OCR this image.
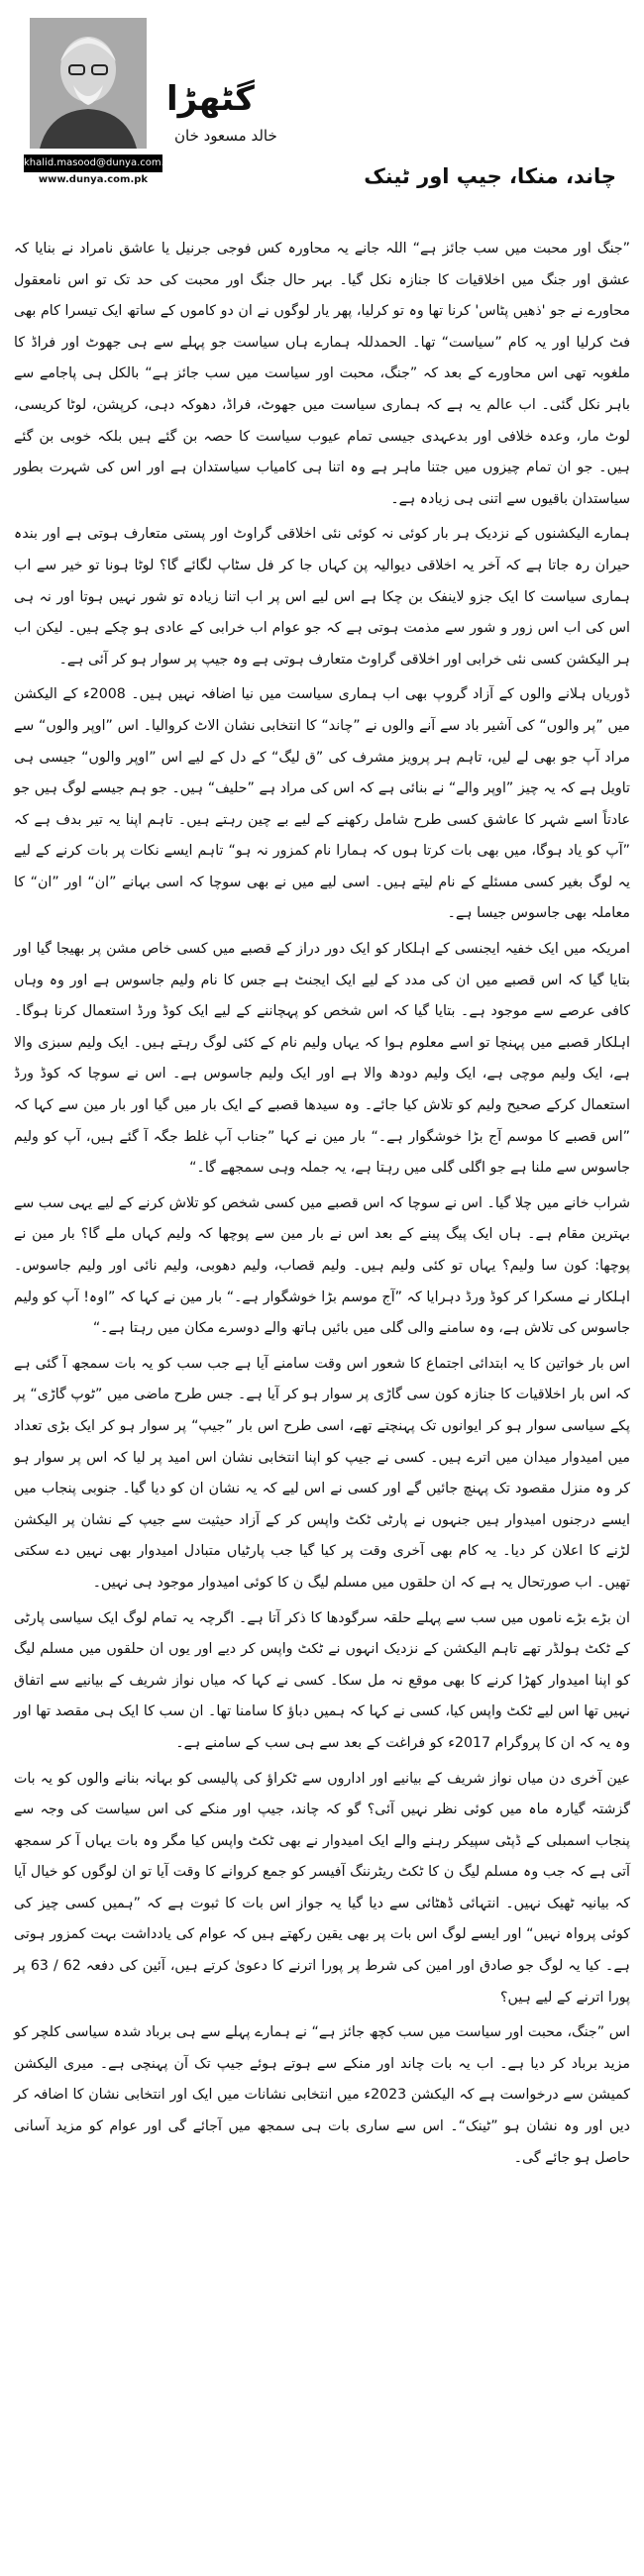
khalid.masood@dunya.com.pk
www.dunya.com.pk
گٹھڑا
خالد مسعود خان
چاند، منکا، جیپ اور ٹینک

”جنگ اور محبت میں سب جائز ہے“ اللہ جانے یہ محاورہ کس فوجی جرنیل یا عاشق نامراد نے بنایا کہ عشق اور جنگ میں اخلاقیات کا جنازہ نکل گیا۔ بہر حال جنگ اور محبت کی حد تک تو اس نامعقول محاورے نے جو 'ذھیں پٹاس' کرنا تھا وہ تو کرلیا، پھر یار لوگوں نے ان دو کاموں کے ساتھ ایک تیسرا کام بھی فٹ کرلیا اور یہ کام ”سیاست“ تھا۔ الحمدللہ ہمارے ہاں سیاست جو پہلے سے ہی جھوٹ اور فراڈ کا ملغوبہ تھی اس محاورے کے بعد کہ ”جنگ، محبت اور سیاست میں سب جائز ہے“ بالکل ہی پاجامے سے باہر نکل گئی۔ اب عالم یہ ہے کہ ہماری سیاست میں جھوٹ، فراڈ، دھوکہ دہی، کرپشن، لوٹا کریسی، لوٹ مار، وعدہ خلافی اور بدعہدی جیسی تمام عیوب سیاست کا حصہ بن گئے ہیں بلکہ خوبی بن گئے ہیں۔ جو ان تمام چیزوں میں جتنا ماہر ہے وہ اتنا ہی کامیاب سیاستدان ہے اور اس کی شہرت بطور سیاستدان باقیوں سے اتنی ہی زیادہ ہے۔

ہمارے الیکشنوں کے نزدیک ہر بار کوئی نہ کوئی نئی اخلاقی گراوٹ اور پستی متعارف ہوتی ہے اور بندہ حیران رہ جاتا ہے کہ آخر یہ اخلاقی دیوالیہ پن کہاں جا کر فل سٹاپ لگائے گا؟ لوٹا ہونا تو خیر سے اب ہماری سیاست کا ایک جزو لاینفک بن چکا ہے اس لیے اس پر اب اتنا زیادہ تو شور نہیں ہوتا اور نہ ہی اس کی اب اس زور و شور سے مذمت ہوتی ہے کہ جو عوام اب خرابی کے عادی ہو چکے ہیں۔ لیکن اب ہر الیکشن کسی نئی خرابی اور اخلاقی گراوٹ متعارف ہوتی ہے وہ جیپ پر سوار ہو کر آئی ہے۔

ڈوریاں ہلانے والوں کے آزاد گروپ بھی اب ہماری سیاست میں نیا اضافہ نہیں ہیں۔ 2008ء کے الیکشن میں ”پر والوں“ کی آشیر باد سے آنے والوں نے ”چاند“ کا انتخابی نشان الاٹ کروالیا۔ اس ”اوپر والوں“ سے مراد آپ جو بھی لے لیں، تاہم ہر پرویز مشرف کی ”ق لیگ“ کے دل کے لیے اس ”اوپر والوں“ جیسی ہی تاویل ہے کہ یہ چیز ”اوپر والے“ نے بنائی ہے کہ اس کی مراد ہے ”حلیف“ ہیں۔ جو ہم جیسے لوگ ہیں جو عادتاً اسے شہر کا عاشق کسی طرح شامل رکھنے کے لیے بے چین رہتے ہیں۔ تاہم اپنا یہ تیر بدف ہے کہ ”آپ کو یاد ہوگا، میں بھی بات کرتا ہوں کہ ہمارا نام کمزور نہ ہو“ تاہم ایسے نکات پر بات کرنے کے لیے یہ لوگ بغیر کسی مسئلے کے نام لیتے ہیں۔ اسی لیے میں نے بھی سوچا کہ اسی بہانے ”ان“ اور ”ان“ کا معاملہ بھی جاسوس جیسا ہے۔

امریکہ میں ایک خفیہ ایجنسی کے اہلکار کو ایک دور دراز کے قصبے میں کسی خاص مشن پر بھیجا گیا اور بتایا گیا کہ اس قصبے میں ان کی مدد کے لیے ایک ایجنٹ ہے جس کا نام ولیم جاسوس ہے اور وہ وہاں کافی عرصے سے موجود ہے۔ بتایا گیا کہ اس شخص کو پہچاننے کے لیے ایک کوڈ ورڈ استعمال کرنا ہوگا۔ اہلکار قصبے میں پہنچا تو اسے معلوم ہوا کہ یہاں ولیم نام کے کئی لوگ رہتے ہیں۔ ایک ولیم سبزی والا ہے، ایک ولیم موچی ہے، ایک ولیم دودھ والا ہے اور ایک ولیم جاسوس ہے۔ اس نے سوچا کہ کوڈ ورڈ استعمال کرکے صحیح ولیم کو تلاش کیا جائے۔ وہ سیدھا قصبے کے ایک بار میں گیا اور بار مین سے کہا کہ ”اس قصبے کا موسم آج بڑا خوشگوار ہے۔“ بار مین نے کہا ”جناب آپ غلط جگہ آ گئے ہیں، آپ کو ولیم جاسوس سے ملنا ہے جو اگلی گلی میں رہتا ہے، یہ جملہ وہی سمجھے گا۔“

شراب خانے میں چلا گیا۔ اس نے سوچا کہ اس قصبے میں کسی شخص کو تلاش کرنے کے لیے یہی سب سے بہترین مقام ہے۔ ہاں ایک پیگ پینے کے بعد اس نے بار مین سے پوچھا کہ ولیم کہاں ملے گا؟ بار مین نے پوچھا: کون سا ولیم؟ یہاں تو کئی ولیم ہیں۔ ولیم قصاب، ولیم دھوبی، ولیم نائی اور ولیم جاسوس۔ اہلکار نے مسکرا کر کوڈ ورڈ دہرایا کہ ”آج موسم بڑا خوشگوار ہے۔“ بار مین نے کہا کہ ”اوہ! آپ کو ولیم جاسوس کی تلاش ہے، وہ سامنے والی گلی میں بائیں ہاتھ والے دوسرے مکان میں رہتا ہے۔“

اس بار خواتین کا یہ ابتدائی اجتماع کا شعور اس وقت سامنے آیا ہے جب سب کو یہ بات سمجھ آ گئی ہے کہ اس بار اخلاقیات کا جنازہ کون سی گاڑی پر سوار ہو کر آیا ہے۔ جس طرح ماضی میں ”ٹوپ گاڑی“ پر پکے سیاسی سوار ہو کر ایوانوں تک پہنچتے تھے، اسی طرح اس بار ”جیپ“ پر سوار ہو کر ایک بڑی تعداد میں امیدوار میدان میں اترے ہیں۔ کسی نے جیپ کو اپنا انتخابی نشان اس امید پر لیا کہ اس پر سوار ہو کر وہ منزل مقصود تک پہنچ جائیں گے اور کسی نے اس لیے کہ یہ نشان ان کو دیا گیا۔ جنوبی پنجاب میں ایسے درجنوں امیدوار ہیں جنہوں نے پارٹی ٹکٹ واپس کر کے آزاد حیثیت سے جیپ کے نشان پر الیکشن لڑنے کا اعلان کر دیا۔ یہ کام بھی آخری وقت پر کیا گیا جب پارٹیاں متبادل امیدوار بھی نہیں دے سکتی تھیں۔ اب صورتحال یہ ہے کہ ان حلقوں میں مسلم لیگ ن کا کوئی امیدوار موجود ہی نہیں۔

ان بڑے بڑے ناموں میں سب سے پہلے حلقہ سرگودھا کا ذکر آتا ہے۔ اگرچہ یہ تمام لوگ ایک سیاسی پارٹی کے ٹکٹ ہولڈر تھے تاہم الیکشن کے نزدیک انہوں نے ٹکٹ واپس کر دیے اور یوں ان حلقوں میں مسلم لیگ کو اپنا امیدوار کھڑا کرنے کا بھی موقع نہ مل سکا۔ کسی نے کہا کہ میاں نواز شریف کے بیانیے سے اتفاق نہیں تھا اس لیے ٹکٹ واپس کیا، کسی نے کہا کہ ہمیں دباؤ کا سامنا تھا۔ ان سب کا ایک ہی مقصد تھا اور وہ یہ کہ ان کا پروگرام 2017ء کو فراغت کے بعد سے ہی سب کے سامنے ہے۔

عین آخری دن میاں نواز شریف کے بیانیے اور اداروں سے ٹکراؤ کی پالیسی کو بہانہ بنانے والوں کو یہ بات گزشتہ گیارہ ماہ میں کوئی نظر نہیں آئی؟ گو کہ چاند، جیپ اور منکے کی اس سیاست کی وجہ سے پنجاب اسمبلی کے ڈپٹی سپیکر رہنے والے ایک امیدوار نے بھی ٹکٹ واپس کیا مگر وہ بات یہاں آ کر سمجھ آتی ہے کہ جب وہ مسلم لیگ ن کا ٹکٹ ریٹرننگ آفیسر کو جمع کروانے کا وقت آیا تو ان لوگوں کو خیال آیا کہ بیانیہ ٹھیک نہیں۔ انتہائی ڈھٹائی سے دیا گیا یہ جواز اس بات کا ثبوت ہے کہ ”ہمیں کسی چیز کی کوئی پرواہ نہیں“ اور ایسے لوگ اس بات پر بھی یقین رکھتے ہیں کہ عوام کی یادداشت بہت کمزور ہوتی ہے۔ کیا یہ لوگ جو صادق اور امین کی شرط پر پورا اترنے کا دعویٰ کرتے ہیں، آئین کی دفعہ 62 / 63 پر پورا اترنے کے لیے ہیں؟

اس ”جنگ، محبت اور سیاست میں سب کچھ جائز ہے“ نے ہمارے پہلے سے ہی برباد شدہ سیاسی کلچر کو مزید برباد کر دیا ہے۔ اب یہ بات چاند اور منکے سے ہوتے ہوئے جیپ تک آن پہنچی ہے۔ میری الیکشن کمیشن سے درخواست ہے کہ الیکشن 2023ء میں انتخابی نشانات میں ایک اور انتخابی نشان کا اضافہ کر دیں اور وہ نشان ہو ”ٹینک“۔ اس سے ساری بات ہی سمجھ میں آجائے گی اور عوام کو مزید آسانی حاصل ہو جائے گی۔
